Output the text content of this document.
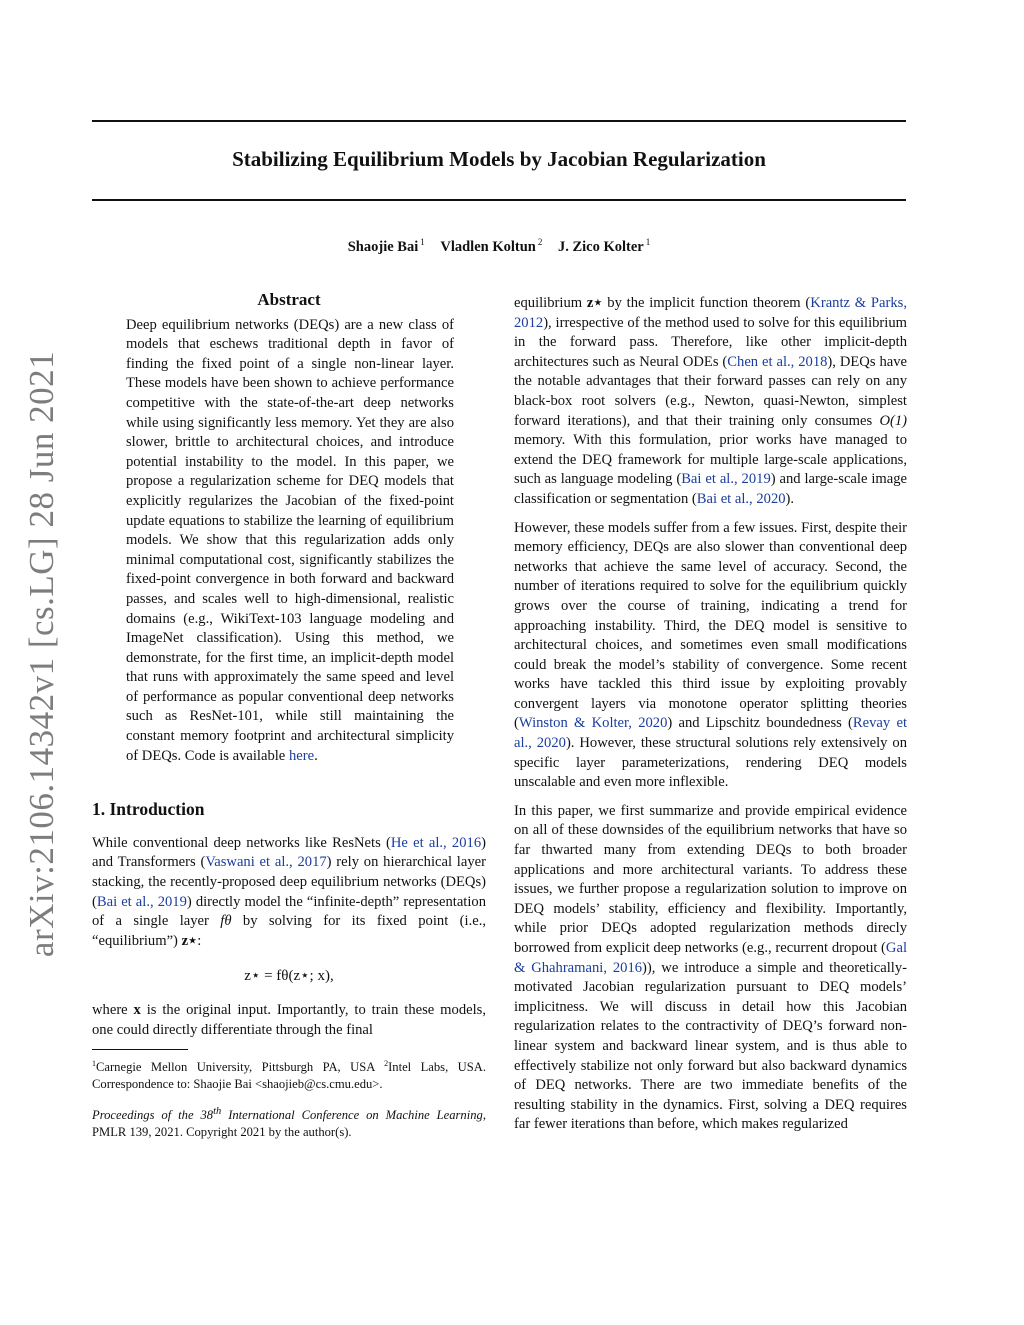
arXiv:2106.14342v1 [cs.LG] 28 Jun 2021
Stabilizing Equilibrium Models by Jacobian Regularization
Shaojie Bai $^1$ Vladlen Koltun $^2$ J. Zico Kolter $^1$
Abstract
Deep equilibrium networks (DEQs) are a new class of models that eschews traditional depth in favor of finding the fixed point of a single non-linear layer. These models have been shown to achieve performance competitive with the state-of-the-art deep networks while using significantly less memory. Yet they are also slower, brittle to architectural choices, and introduce potential instability to the model. In this paper, we propose a regularization scheme for DEQ models that explicitly regularizes the Jacobian of the fixed-point update equations to stabilize the learning of equilibrium models. We show that this regularization adds only minimal computational cost, significantly stabilizes the fixed-point convergence in both forward and backward passes, and scales well to high-dimensional, realistic domains (e.g., WikiText-103 language modeling and ImageNet classification). Using this method, we demonstrate, for the first time, an implicit-depth model that runs with approximately the same speed and level of performance as popular conventional deep networks such as ResNet-101, while still maintaining the constant memory footprint and architectural simplicity of DEQs. Code is available here.
1. Introduction

While conventional deep networks like ResNets (He et al., 2016) and Transformers (Vaswani et al., 2017) rely on hierarchical layer stacking, the recently-proposed deep equilibrium networks (DEQs) (Bai et al., 2019) directly model the “infinite-depth” representation of a single layer fθ by solving for its fixed point (i.e., “equilibrium”) z⋆:

z⋆ = fθ(z⋆; x),

where x is the original input. Importantly, to train these models, one could directly differentiate through the final

$^1$Carnegie Mellon University, Pittsburgh PA, USA $^2$Intel Labs, USA. Correspondence to: Shaojie Bai <shaojieb@cs.cmu.edu>.
Proceedings of the 38th International Conference on Machine Learning, PMLR 139, 2021. Copyright 2021 by the author(s).

equilibrium z⋆ by the implicit function theorem (Krantz & Parks, 2012), irrespective of the method used to solve for this equilibrium in the forward pass. Therefore, like other implicit-depth architectures such as Neural ODEs (Chen et al., 2018), DEQs have the notable advantages that their forward passes can rely on any black-box root solvers (e.g., Newton, quasi-Newton, simplest forward iterations), and that their training only consumes O(1) memory. With this formulation, prior works have managed to extend the DEQ framework for multiple large-scale applications, such as language modeling (Bai et al., 2019) and large-scale image classification or segmentation (Bai et al., 2020).

However, these models suffer from a few issues. First, despite their memory efficiency, DEQs are also slower than conventional deep networks that achieve the same level of accuracy. Second, the number of iterations required to solve for the equilibrium quickly grows over the course of training, indicating a trend for approaching instability. Third, the DEQ model is sensitive to architectural choices, and sometimes even small modifications could break the model’s stability of convergence. Some recent works have tackled this third issue by exploiting provably convergent layers via monotone operator splitting theories (Winston & Kolter, 2020) and Lipschitz boundedness (Revay et al., 2020). However, these structural solutions rely extensively on specific layer parameterizations, rendering DEQ models unscalable and even more inflexible.

In this paper, we first summarize and provide empirical evidence on all of these downsides of the equilibrium networks that have so far thwarted many from extending DEQs to both broader applications and more architectural variants. To address these issues, we further propose a regularization solution to improve on DEQ models’ stability, efficiency and flexibility. Importantly, while prior DEQs adopted regularization methods direcly borrowed from explicit deep networks (e.g., recurrent dropout (Gal & Ghahramani, 2016)), we introduce a simple and theoretically-motivated Jacobian regularization pursuant to DEQ models’ implicitness. We will discuss in detail how this Jacobian regularization relates to the contractivity of DEQ’s forward non-linear system and backward linear system, and is thus able to effectively stabilize not only forward but also backward dynamics of DEQ networks. There are two immediate benefits of the resulting stability in the dynamics. First, solving a DEQ requires far fewer iterations than before, which makes regularized
